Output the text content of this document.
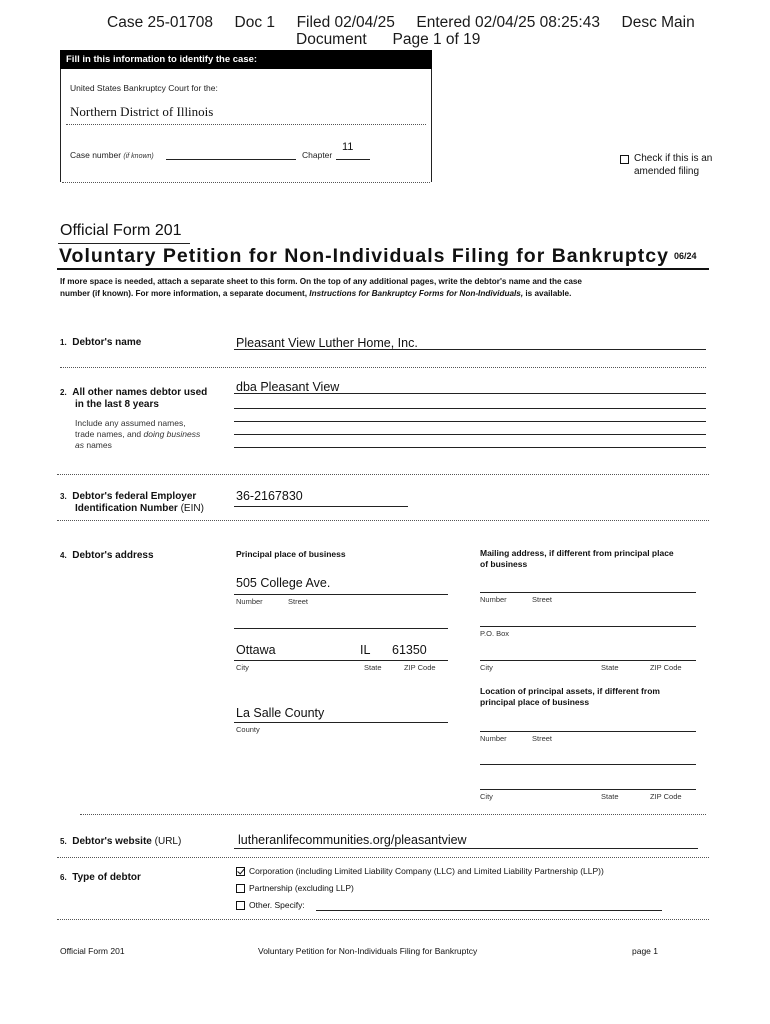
Case 25-01708 Doc 1 Filed 02/04/25 Entered 02/04/25 08:25:43 Desc Main
Document Page 1 of 19
Fill in this information to identify the case:
United States Bankruptcy Court for the:
Northern District of Illinois
Case number (if known)	Chapter
11
Check if this is an
amended filing
Official Form 201
Voluntary Petition for Non-Individuals Filing for Bankruptcy 06/24
If more space is needed, attach a separate sheet to this form. On the top of any additional pages, write the debtor's name and the case
number (if known). For more information, a separate document, Instructions for Bankruptcy Forms for Non-Individuals, is available.
1. Debtor's name	Pleasant View Luther Home, Inc.
2. All other names debtor used
in the last 8 years
Include any assumed names,
trade names, and doing business
as names
dba Pleasant View
3. Debtor's federal Employer
Identification Number (EIN)
36-2167830
4. Debtor's address	Principal place of business	Mailing address, if different from principal place
of business
505 College Ave.
Number	Street	Number	Street
P.O. Box
Ottawa	IL 61350
City	State	ZIP Code	City	State	ZIP Code
Location of principal assets, if different from
principal place of business
La Salle County
County
Number	Street
City	State	ZIP Code
5. Debtor's website (URL)	lutheranlifecommunities.org/pleasantview
6. Type of debtor
Corporation (including Limited Liability Company (LLC) and Limited Liability Partnership (LLP))
Partnership (excluding LLP)
Other. Specify:
Official Form 201	Voluntary Petition for Non-Individuals Filing for Bankruptcy	page 1
